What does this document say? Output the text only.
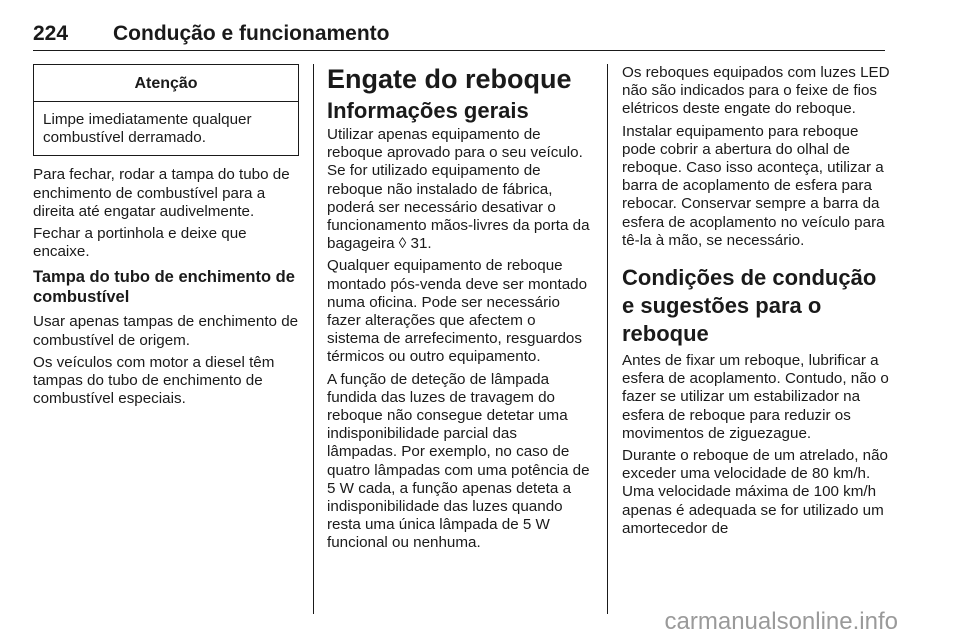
224 Condução e funcionamento
Atenção
Limpe imediatamente qualquer combustível derramado.

Para fechar, rodar a tampa do tubo de enchimento de combustível para a direita até engatar audivelmente.

Fechar a portinhola e deixe que encaixe.

Tampa do tubo de enchimento de combustível

Usar apenas tampas de enchimento de combustível de origem.

Os veículos com motor a diesel têm tampas do tubo de enchimento de combustível especiais.

Engate do reboque
Informações gerais

Utilizar apenas equipamento de reboque aprovado para o seu veículo. Se for utilizado equipamento de reboque não instalado de fábrica, poderá ser necessário desativar o funcionamento mãos-livres da porta da bagageira ◊ 31.

Qualquer equipamento de reboque montado pós-venda deve ser montado numa oficina. Pode ser necessário fazer alterações que afectem o sistema de arrefecimento, resguardos térmicos ou outro equipamento.

A função de deteção de lâmpada fundida das luzes de travagem do reboque não consegue detetar uma indisponibilidade parcial das lâmpadas. Por exemplo, no caso de quatro lâmpadas com uma potência de 5 W cada, a função apenas deteta a indisponibilidade das luzes quando resta uma única lâmpada de 5 W funcional ou nenhuma.

Os reboques equipados com luzes LED não são indicados para o feixe de fios elétricos deste engate do reboque.

Instalar equipamento para reboque pode cobrir a abertura do olhal de reboque. Caso isso aconteça, utilizar a barra de acoplamento de esfera para rebocar. Conservar sempre a barra da esfera de acoplamento no veículo para tê-la à mão, se necessário.

Condições de condução e sugestões para o reboque

Antes de fixar um reboque, lubrificar a esfera de acoplamento. Contudo, não o fazer se utilizar um estabilizador na esfera de reboque para reduzir os movimentos de ziguezague.

Durante o reboque de um atrelado, não exceder uma velocidade de 80 km/h. Uma velocidade máxima de 100 km/h apenas é adequada se for utilizado um amortecedor de

carmanualsonline.info
